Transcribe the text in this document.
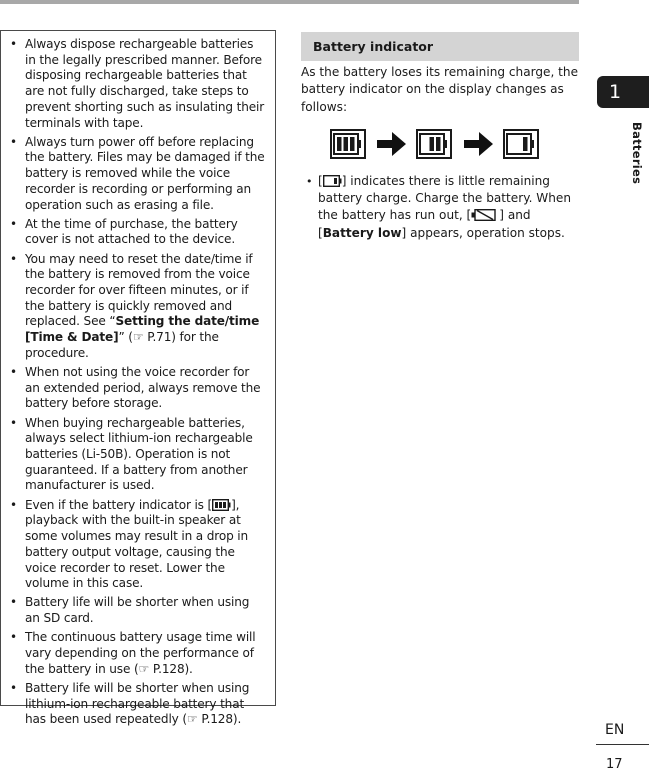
• Always dispose rechargeable batteries in the legally prescribed manner. Before disposing rechargeable batteries that are not fully discharged, take steps to prevent shorting such as insulating their terminals with tape.
• Always turn power off before replacing the battery. Files may be damaged if the battery is removed while the voice recorder is recording or performing an operation such as erasing a file.
• At the time of purchase, the battery cover is not attached to the device.
• You may need to reset the date/time if the battery is removed from the voice recorder for over fifteen minutes, or if the battery is quickly removed and replaced. See “Setting the date/time [Time & Date]” (☞ P.71) for the procedure.
• When not using the voice recorder for an extended period, always remove the battery before storage.
• When buying rechargeable batteries, always select lithium-ion rechargeable batteries (Li-50B). Operation is not guaranteed. If a battery from another manufacturer is used.
• Even if the battery indicator is [ ], playback with the built-in speaker at some volumes may result in a drop in battery output voltage, causing the voice recorder to reset. Lower the volume in this case.
• Battery life will be shorter when using an SD card.
• The continuous battery usage time will vary depending on the performance of the battery in use (☞ P.128).
• Battery life will be shorter when using lithium-ion rechargeable battery that has been used repeatedly (☞ P.128).
Battery indicator

As the battery loses its remaining charge, the battery indicator on the display changes as follows:

• [ ] indicates there is little remaining battery charge. Charge the battery. When the battery has run out, [ ] and [Battery low] appears, operation stops.
1
Batteries
EN
17
